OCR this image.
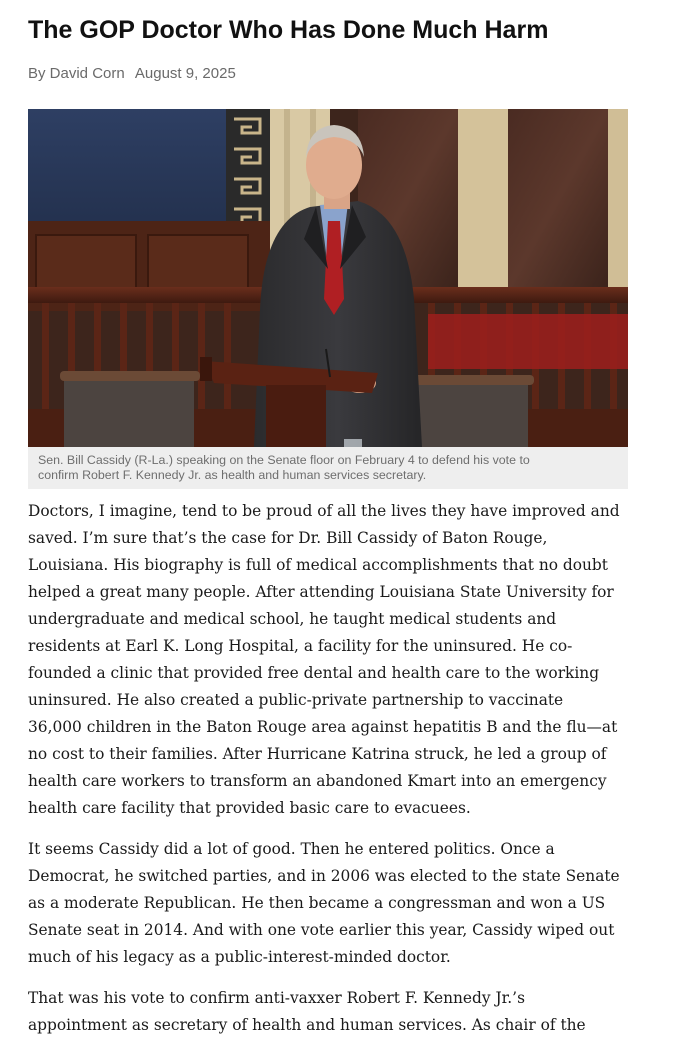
The GOP Doctor Who Has Done Much Harm
By David Corn August 9, 2025

Sen. Bill Cassidy (R-La.) speaking on the Senate floor on February 4 to defend his vote to
confirm Robert F. Kennedy Jr. as health and human services secretary.

Doctors, I imagine, tend to be proud of all the lives they have improved and
saved. I’m sure that’s the case for Dr. Bill Cassidy of Baton Rouge,
Louisiana. His biography is full of medical accomplishments that no doubt
helped a great many people. After attending Louisiana State University for
undergraduate and medical school, he taught medical students and
residents at Earl K. Long Hospital, a facility for the uninsured. He co-
founded a clinic that provided free dental and health care to the working
uninsured. He also created a public-private partnership to vaccinate
36,000 children in the Baton Rouge area against hepatitis B and the flu—at
no cost to their families. After Hurricane Katrina struck, he led a group of
health care workers to transform an abandoned Kmart into an emergency
health care facility that provided basic care to evacuees.

It seems Cassidy did a lot of good. Then he entered politics. Once a
Democrat, he switched parties, and in 2006 was elected to the state Senate
as a moderate Republican. He then became a congressman and won a US
Senate seat in 2014. And with one vote earlier this year, Cassidy wiped out
much of his legacy as a public-interest-minded doctor.

That was his vote to confirm anti-vaxxer Robert F. Kennedy Jr.’s
appointment as secretary of health and human services. As chair of the
